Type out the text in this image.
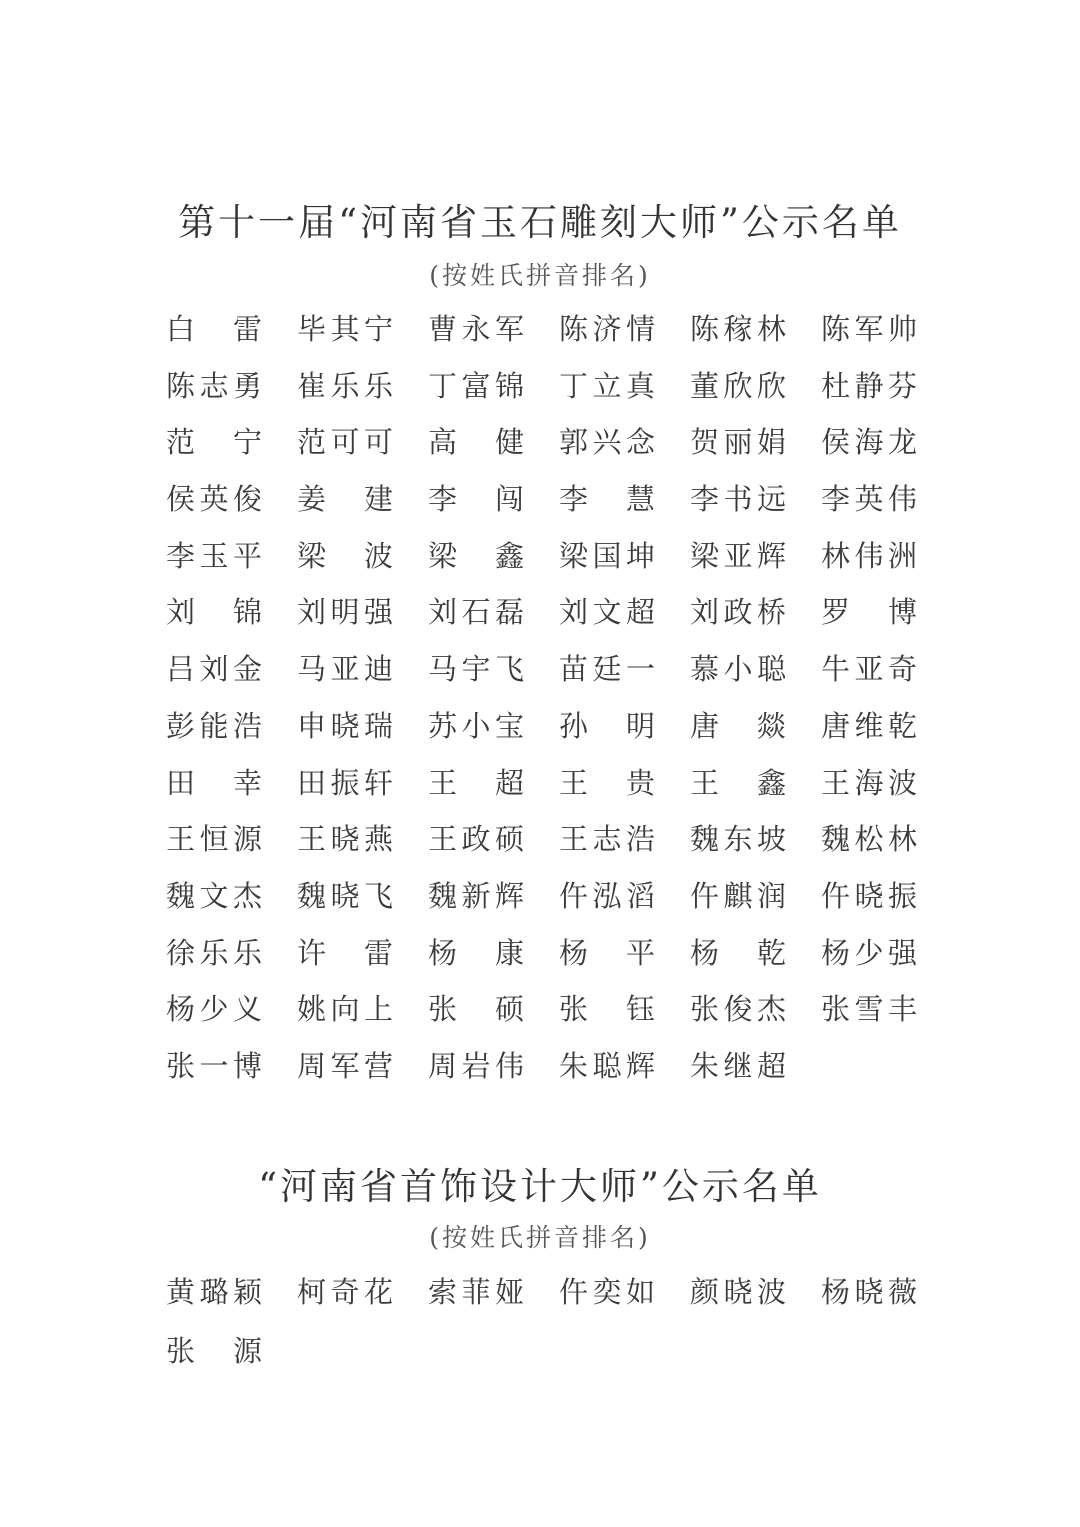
第十一届“河南省玉石雕刻大师”公示名单
(按姓氏拼音排名)
白 雷 毕 其 宁 曹 永 军 陈 济 情 陈 稼 林 陈 军 帅
陈 志 勇 崔 乐 乐 丁 富 锦 丁 立 真 董 欣 欣 杜 静 芬
范 宁 范 可 可 高 健 郭 兴 念 贺 丽 娟 侯 海 龙
侯 英 俊 姜 建 李 闯 李 慧 李 书 远 李 英 伟
李 玉 平 梁 波 梁 鑫 梁 国 坤 梁 亚 辉 林 伟 洲
刘 锦 刘 明 强 刘 石 磊 刘 文 超 刘 政 桥 罗 博
吕 刘 金 马 亚 迪 马 宇 飞 苗 廷 一 慕 小 聪 牛 亚 奇
彭 能 浩 申 晓 瑞 苏 小 宝 孙 明 唐 燚 唐 维 乾
田 幸 田 振 轩 王 超 王 贵 王 鑫 王 海 波
王 恒 源 王 晓 燕 王 政 硕 王 志 浩 魏 东 坡 魏 松 林
魏 文 杰 魏 晓 飞 魏 新 辉 仵 泓 滔 仵 麒 润 仵 晓 振
徐 乐 乐 许 雷 杨 康 杨 平 杨 乾 杨 少 强
杨 少 义 姚 向 上 张 硕 张 钰 张 俊 杰 张 雪 丰
张 一 博 周 军 营 周 岩 伟 朱 聪 辉 朱 继 超
“河南省首饰设计大师”公示名单
(按姓氏拼音排名)
黄 璐 颖 柯 奇 花 索 菲 娅 仵 奕 如 颜 晓 波 杨 晓 薇
张 源
